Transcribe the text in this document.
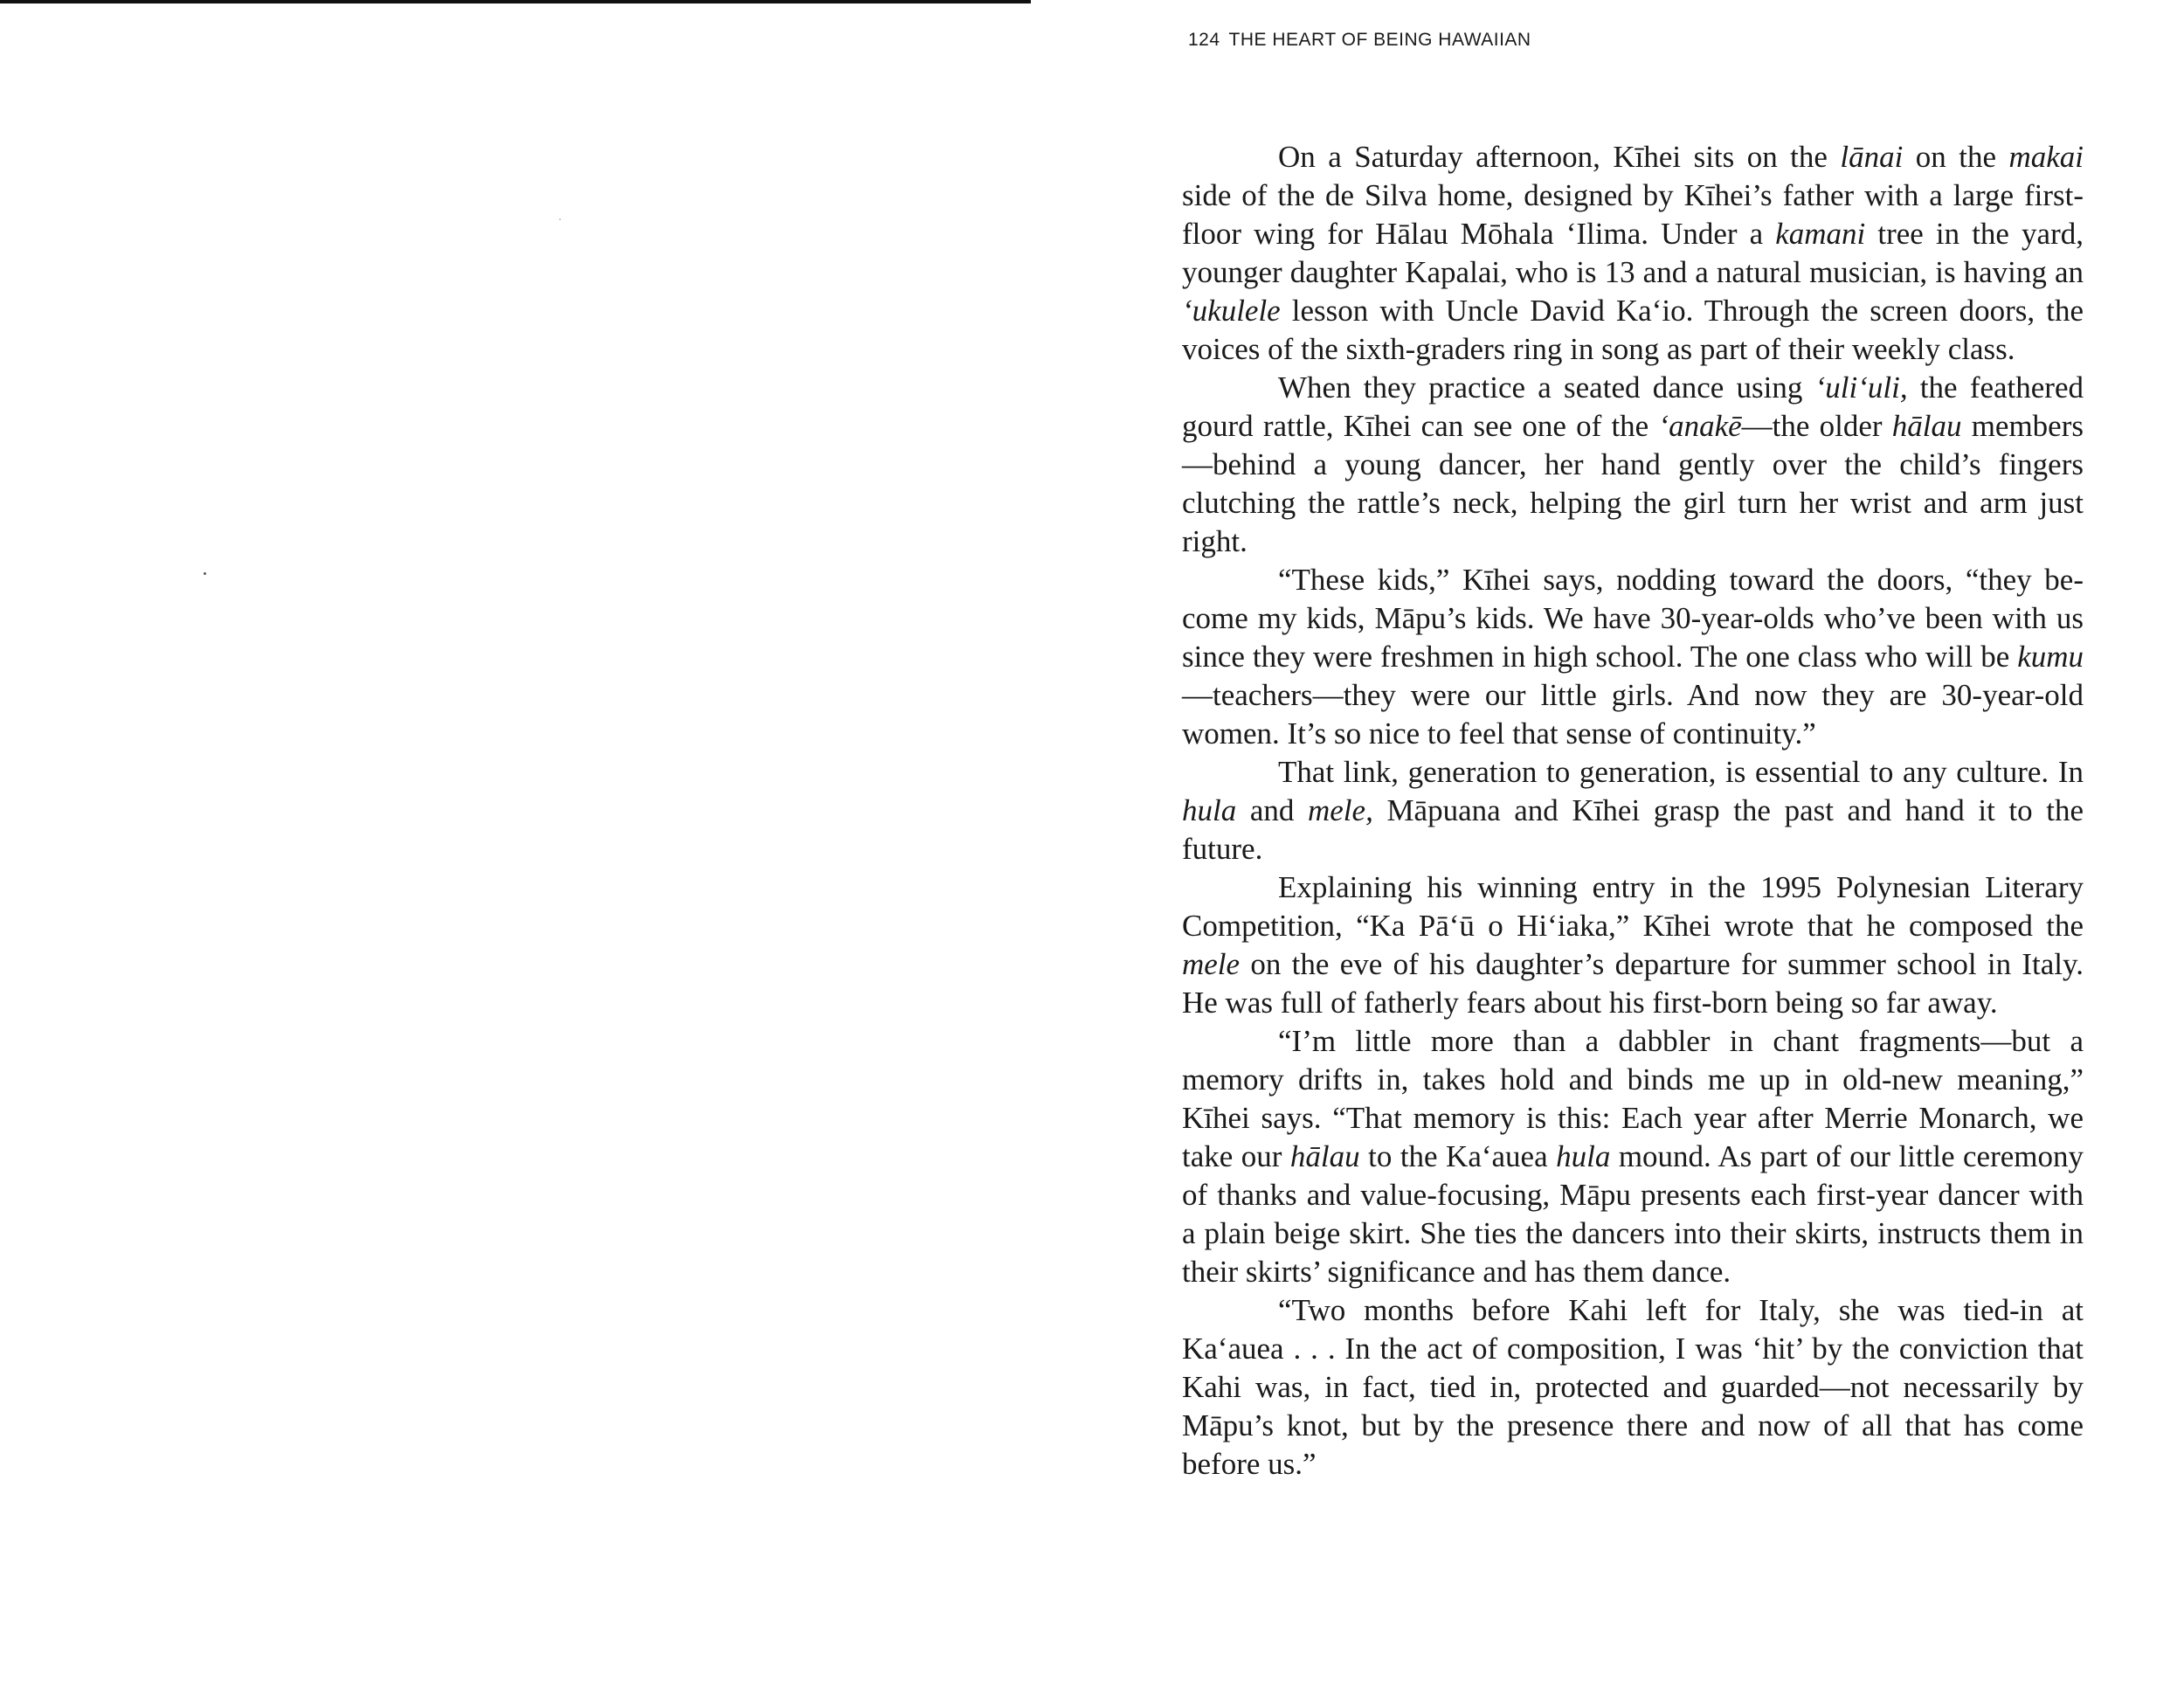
124 THE HEART OF BEING HAWAIIAN

On a Saturday afternoon, Kīhei sits on the lānai on the makai side of the de Silva home, designed by Kīhei’s father with a large first-floor wing for Hālau Mōhala ‘Ilima. Under a kamani tree in the yard, younger daughter Kapalai, who is 13 and a natural musician, is having an ‘ukulele lesson with Uncle David Ka‘io. Through the screen doors, the voices of the sixth-graders ring in song as part of their weekly class.

When they practice a seated dance using ‘uli‘uli, the feathered gourd rattle, Kīhei can see one of the ‘anakē—the older hālau members—behind a young dancer, her hand gently over the child’s fingers clutching the rattle’s neck, helping the girl turn her wrist and arm just right.

“These kids,” Kīhei says, nodding toward the doors, “they become my kids, Māpu’s kids. We have 30-year-olds who’ve been with us since they were freshmen in high school. The one class who will be kumu—teachers—they were our little girls. And now they are 30-year-old women. It’s so nice to feel that sense of continuity.”

That link, generation to generation, is essential to any culture. In hula and mele, Māpuana and Kīhei grasp the past and hand it to the future.

Explaining his winning entry in the 1995 Polynesian Literary Competition, “Ka Pā‘ū o Hi‘iaka,” Kīhei wrote that he composed the mele on the eve of his daughter’s departure for summer school in Italy. He was full of fatherly fears about his first-born being so far away.

“I’m little more than a dabbler in chant fragments—but a memory drifts in, takes hold and binds me up in old-new meaning,” Kīhei says. “That memory is this: Each year after Merrie Monarch, we take our hālau to the Ka‘auea hula mound. As part of our little ceremony of thanks and value-focusing, Māpu presents each first-year dancer with a plain beige skirt. She ties the dancers into their skirts, instructs them in their skirts’ significance and has them dance.

“Two months before Kahi left for Italy, she was tied-in at Ka‘auea . . . In the act of composition, I was ‘hit’ by the conviction that Kahi was, in fact, tied in, protected and guarded—not necessarily by Māpu’s knot, but by the presence there and now of all that has come before us.”
